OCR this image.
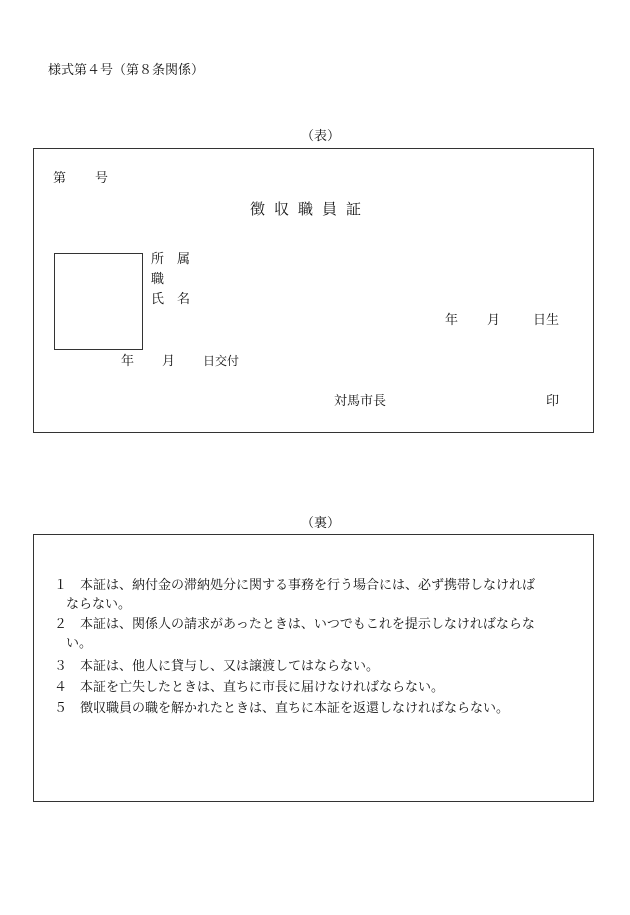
様式第４号（第８条関係）
（表）
第 号
徴収職員証
所属
職
氏名
年 月	日生
年 月 日交付
対馬市長	印
（裏）
１ 本証は、納付金の滞納処分に関する事務を行う場合には、必ず携帯しなければ
ならない。
２ 本証は、関係人の請求があったときは、いつでもこれを提示しなければならな
い。
３ 本証は、他人に貸与し、又は譲渡してはならない。
４ 本証を亡失したときは、直ちに市長に届けなければならない。
５ 徴収職員の職を解かれたときは、直ちに本証を返還しなければならない。
